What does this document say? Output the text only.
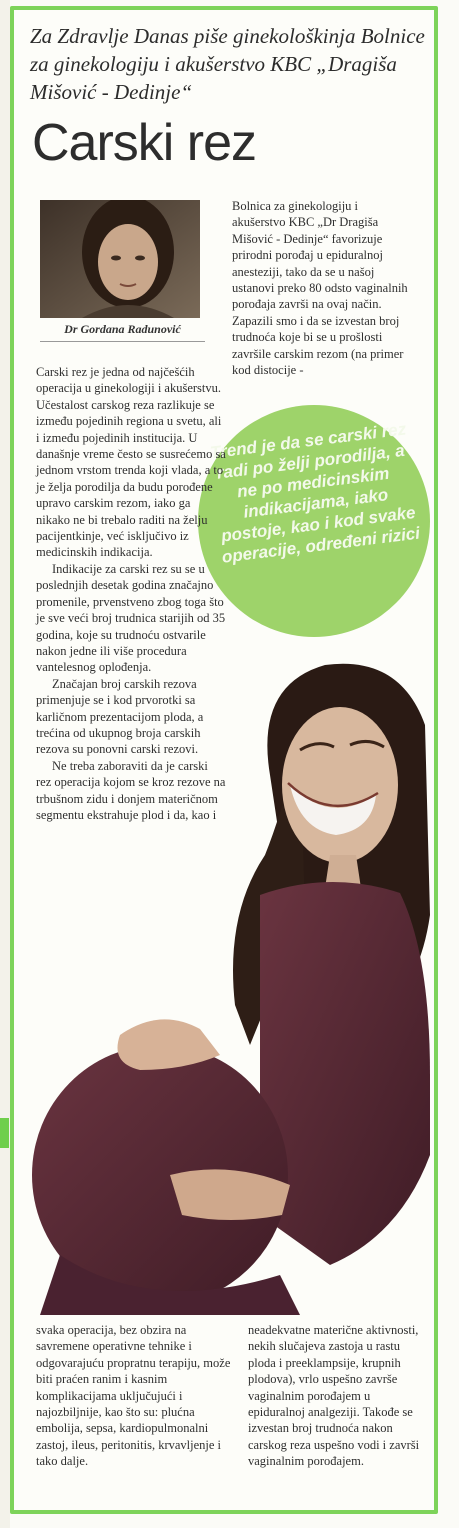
Za Zdravlje Danas piše ginekološkinja Bolnice za ginekologiju i akušerstvo KBC „Dragiša Mišović - Dedinje“
Carski rez
Dr Gordana Radunović

Bolnica za ginekologiju i akušerstvo KBC „Dr Dragiša Mišović - Dedinje“ favorizuje prirodni porođaj u epiduralnoj anesteziji, tako da se u našoj ustanovi preko 80 odsto vaginalnih porođaja završi na ovaj način. Zapazili smo i da se izvestan broj trudnoća koje bi se u prošlosti završile carskim rezom (na primer kod distocije -

Trend je da se carski rez radi po želji porodilja, a ne po medicinskim indikacijama, iako postoje, kao i kod svake operacije, određeni rizici

Carski rez je jedna od najčešćih operacija u ginekologiji i akušerstvu. Učestalost carskog reza razlikuje se između pojedinih regiona u svetu, ali i između pojedinih institucija. U današnje vreme često se susrećemo sa jednom vrstom trenda koji vlada, a to je želja porodilja da budu porođene upravo carskim rezom, iako ga nikako ne bi trebalo raditi na želju pacijentkinje, već isključivo iz medicinskih indikacija.

Indikacije za carski rez su se u poslednjih desetak godina značajno promenile, prvenstveno zbog toga što je sve veći broj trudnica starijih od 35 godina, koje su trudnoću ostvarile nakon jedne ili više procedura vantelesnog oplođenja.

Značajan broj carskih rezova primenjuje se i kod prvorotki sa karličnom prezentacijom ploda, a trećina od ukupnog broja carskih rezova su ponovni carski rezovi.

Ne treba zaboraviti da je carski rez operacija kojom se kroz rezove na trbušnom zidu i donjem materičnom segmentu ekstrahuje plod i da, kao i

svaka operacija, bez obzira na savremene operativne tehnike i odgovarajuću propratnu terapiju, može biti praćen ranim i kasnim komplikacijama uključujući i najozbiljnije, kao što su: plućna embolija, sepsa, kardiopulmonalni zastoj, ileus, peritonitis, krvavljenje i tako dalje.

neadekvatne materične aktivnosti, nekih slučajeva zastoja u rastu ploda i preeklampsije, krupnih plodova), vrlo uspešno završe vaginalnim porođajem u epiduralnoj analgeziji. Takođe se izvestan broj trudnoća nakon carskog reza uspešno vodi i završi vaginalnim porođajem.
